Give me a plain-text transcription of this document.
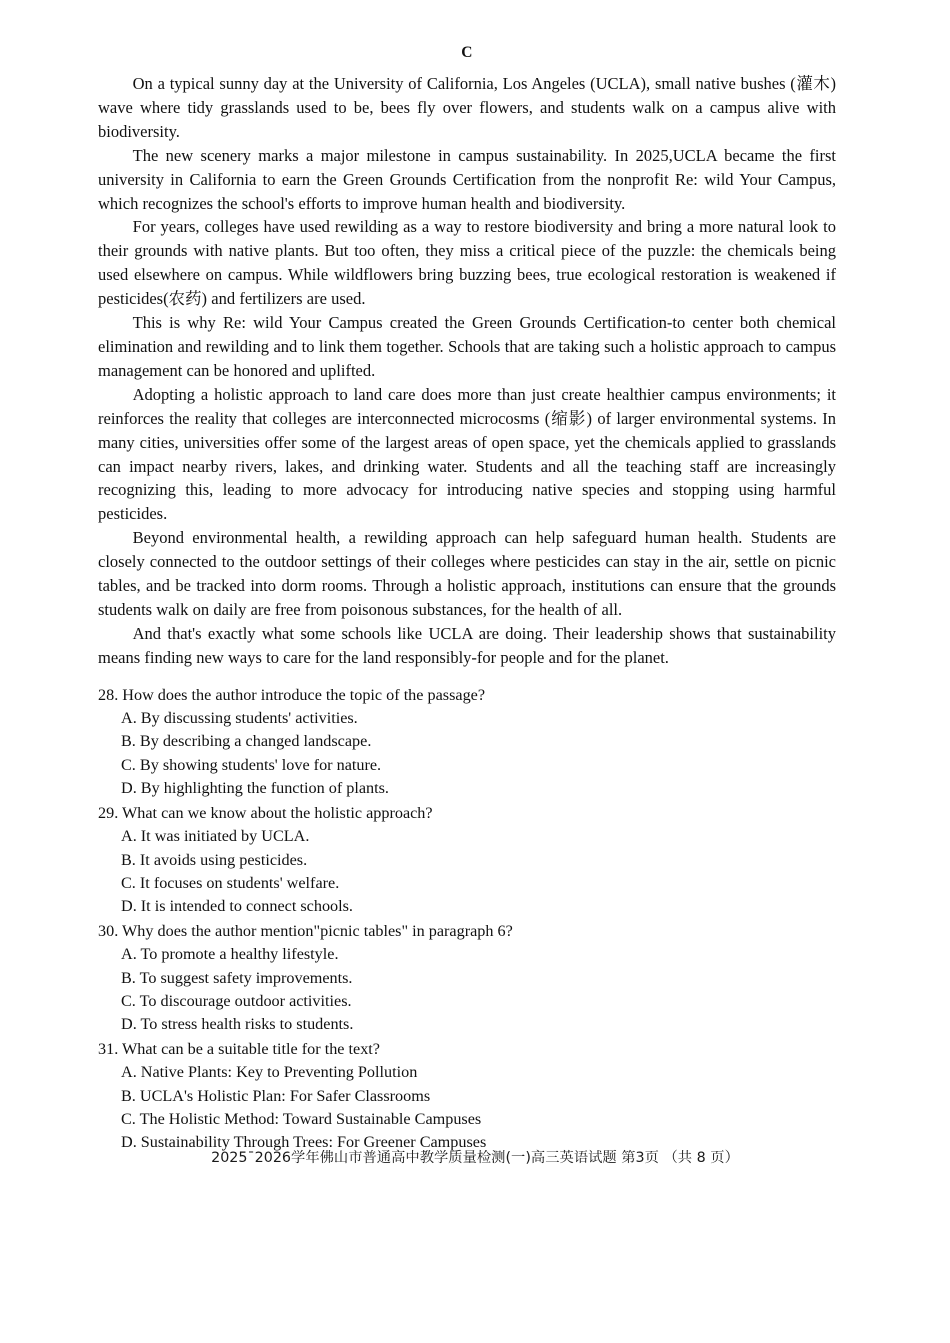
C

On a typical sunny day at the University of California, Los Angeles (UCLA), small native bushes (灌木) wave where tidy grasslands used to be, bees fly over flowers, and students walk on a campus alive with biodiversity.

The new scenery marks a major milestone in campus sustainability. In 2025,UCLA became the first university in California to earn the Green Grounds Certification from the nonprofit Re: wild Your Campus, which recognizes the school's efforts to improve human health and biodiversity.

For years, colleges have used rewilding as a way to restore biodiversity and bring a more natural look to their grounds with native plants. But too often, they miss a critical piece of the puzzle: the chemicals being used elsewhere on campus. While wildflowers bring buzzing bees, true ecological restoration is weakened if pesticides(农药) and fertilizers are used.

This is why Re: wild Your Campus created the Green Grounds Certification-to center both chemical elimination and rewilding and to link them together. Schools that are taking such a holistic approach to campus management can be honored and uplifted.

Adopting a holistic approach to land care does more than just create healthier campus environments; it reinforces the reality that colleges are interconnected microcosms (缩影) of larger environmental systems. In many cities, universities offer some of the largest areas of open space, yet the chemicals applied to grasslands can impact nearby rivers, lakes, and drinking water. Students and all the teaching staff are increasingly recognizing this, leading to more advocacy for introducing native species and stopping using harmful pesticides.

Beyond environmental health, a rewilding approach can help safeguard human health. Students are closely connected to the outdoor settings of their colleges where pesticides can stay in the air, settle on picnic tables, and be tracked into dorm rooms. Through a holistic approach, institutions can ensure that the grounds students walk on daily are free from poisonous substances, for the health of all.

And that's exactly what some schools like UCLA are doing. Their leadership shows that sustainability means finding new ways to care for the land responsibly-for people and for the planet.

28. How does the author introduce the topic of the passage?

A. By discussing students' activities.

B. By describing a changed landscape.

C. By showing students' love for nature.

D. By highlighting the function of plants.

29. What can we know about the holistic approach?

A. It was initiated by UCLA.

B. It avoids using pesticides.

C. It focuses on students' welfare.

D. It is intended to connect schools.

30. Why does the author mention"picnic tables" in paragraph 6?

A. To promote a healthy lifestyle.

B. To suggest safety improvements.

C. To discourage outdoor activities.

D. To stress health risks to students.

31. What can be a suitable title for the text?

A. Native Plants: Key to Preventing Pollution

B. UCLA's Holistic Plan: For Safer Classrooms

C. The Holistic Method: Toward Sustainable Campuses

D. Sustainability Through Trees: For Greener Campuses

2025ˉ2026学年佛山市普通高中教学质量检测(一)高三英语试题 第3页 （共 8 页）
